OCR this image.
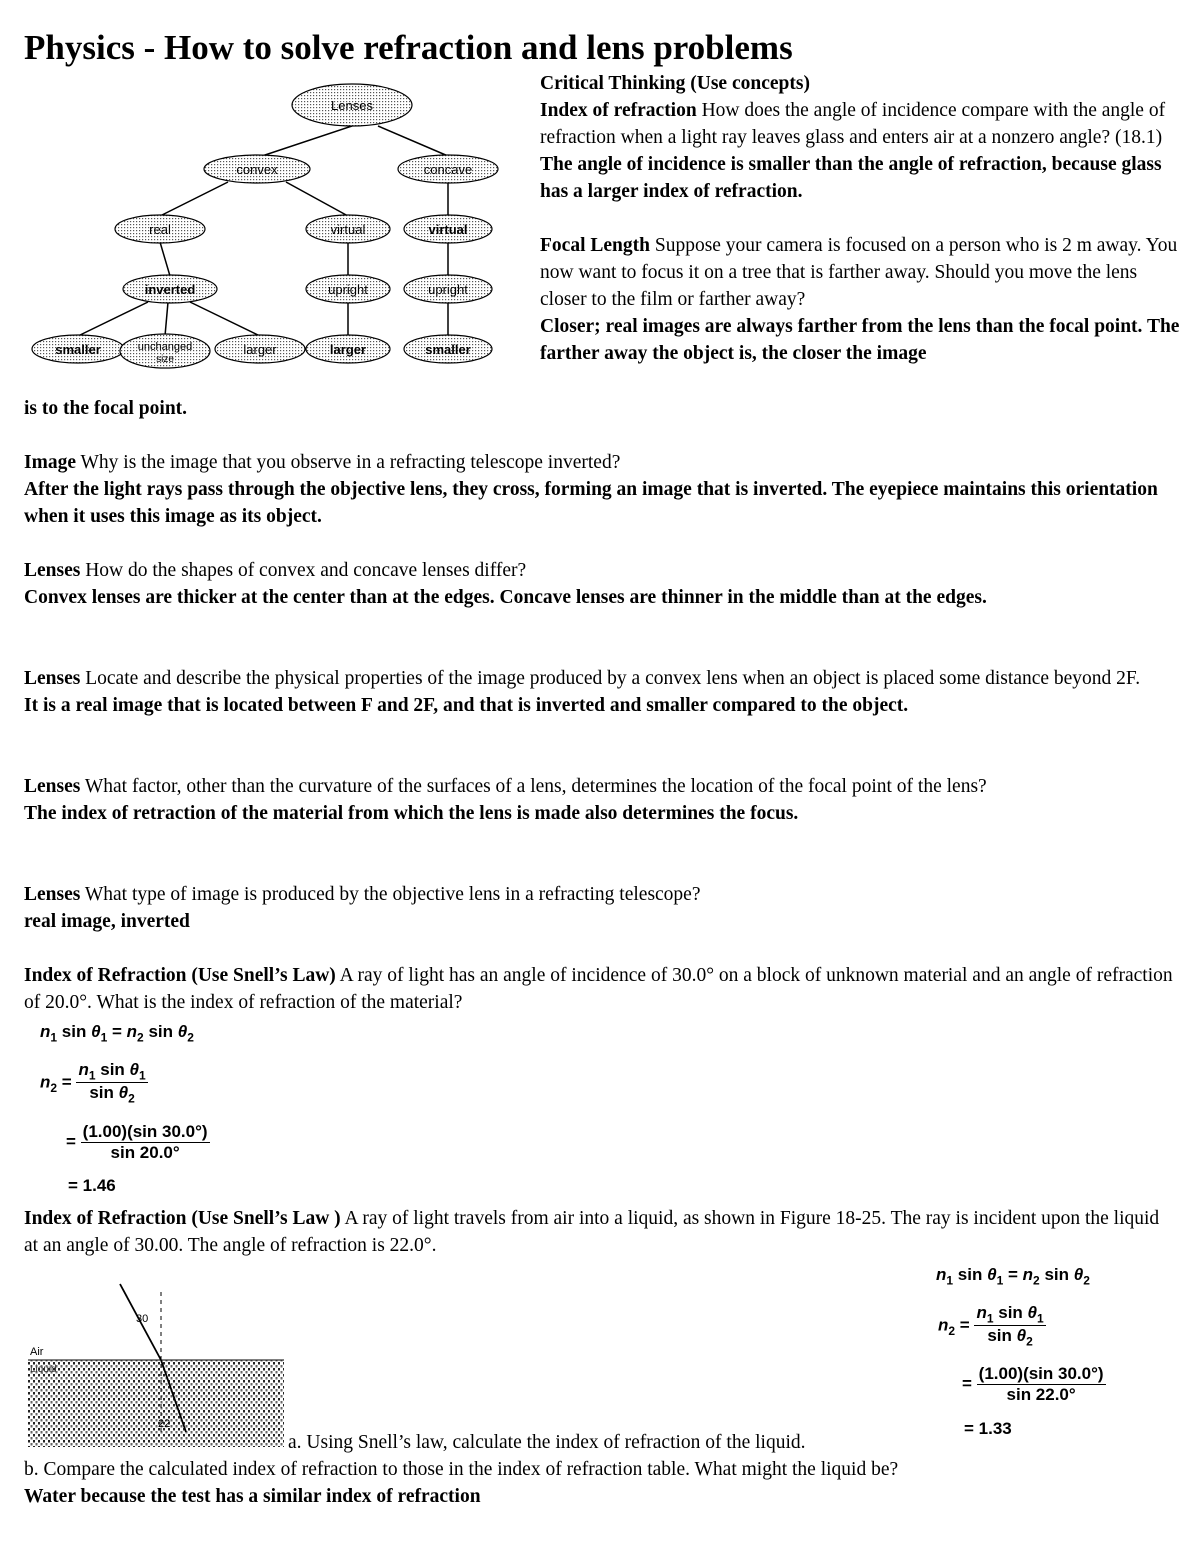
Physics - How to solve refraction and lens problems
Lenses
convex	concave
real	virtual	virtual
inverted	upright	upright
smaller	unchanged
size
larger	larger	smaller
Critical Thinking (Use concepts)
Index of refraction How does the angle of incidence compare with the angle of refraction when a light ray leaves glass and enters air at a nonzero angle? (18.1)
The angle of incidence is smaller than the angle of refraction, because glass has a larger index of refraction.
Focal Length Suppose your camera is focused on a person who is 2 m away. You now want to focus it on a tree that is farther away. Should you move the lens closer to the film or farther away?
Closer; real images are always farther from the lens than the focal point. The farther away the object is, the closer the image
is to the focal point.
Image Why is the image that you observe in a refracting telescope inverted?
After the light rays pass through the objective lens, they cross, forming an image that is inverted. The eyepiece maintains this orientation when it uses this image as its object.
Lenses How do the shapes of convex and concave lenses differ?
Convex lenses are thicker at the center than at the edges. Concave lenses are thinner in the middle than at the edges.
Lenses Locate and describe the physical properties of the image produced by a convex lens when an object is placed some distance beyond 2F.
It is a real image that is located between F and 2F, and that is inverted and smaller compared to the object.
Lenses What factor, other than the curvature of the surfaces of a lens, determines the location of the focal point of the lens?
The index of retraction of the material from which the lens is made also determines the focus.
Lenses What type of image is produced by the objective lens in a refracting telescope?
real image, inverted
Index of Refraction (Use Snell’s Law) A ray of light has an angle of incidence of 30.0° on a block of unknown material and an angle of refraction of 20.0°. What is the index of refraction of the material?
$n_1$ $\sin \theta_1 = n_2$ $\sin \theta_2$
$n_2 = \frac{n_1 \sin \theta_1}{\sin \theta_2}$
= $\frac{(1.00)(\sin 30.0^\circ)}{\sin 20.0^\circ}$
= 1.46
Index of Refraction (Use Snell’s Law ) A ray of light travels from air into a liquid, as shown in Figure 18-25. The ray is incident upon the liquid at an angle of 30.00. The angle of refraction is 22.0°.
30
22
Air
Liquid
a. Using Snell’s law, calculate the index of refraction of the liquid.
$n_1$ $\sin \theta_1 = n_2$ $\sin \theta_2$
$n_2 = \frac{n_1 \sin \theta_1}{\sin \theta_2}$
= $\frac{(1.00)(\sin 30.0^\circ)}{\sin 22.0^\circ}$
= 1.33
b. Compare the calculated index of refraction to those in the index of refraction table. What might the liquid be?
Water because the test has a similar index of refraction
